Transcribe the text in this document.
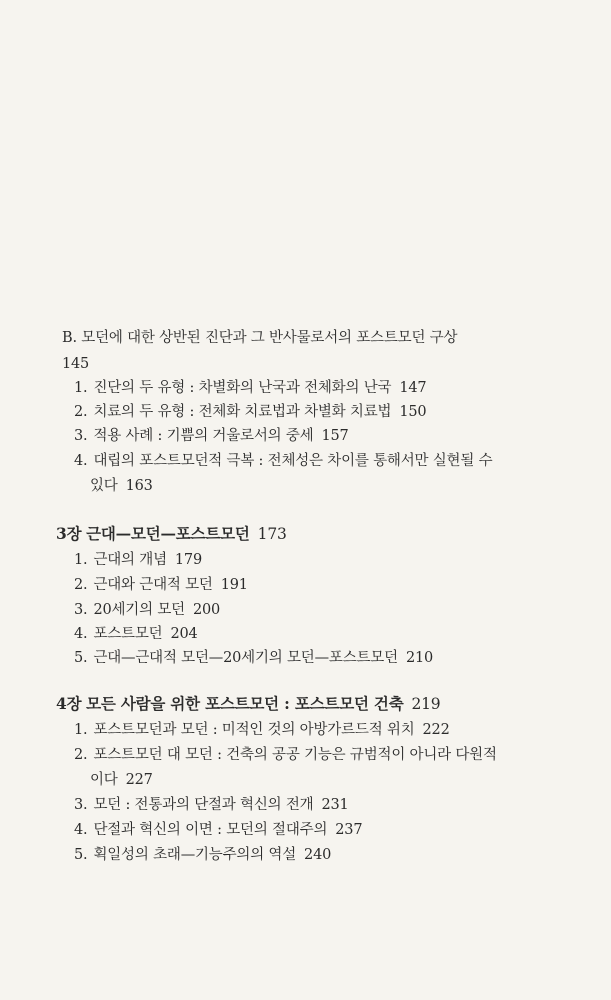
B. 모던에 대한 상반된 진단과 그 반사물로서의 포스트모던 구상
145
1. 진단의 두 유형 : 차별화의 난국과 전체화의 난국 147
2. 치료의 두 유형 : 전체화 치료법과 차별화 치료법 150
3. 적용 사례 : 기쁨의 거울로서의 중세 157
4. 대립의 포스트모던적 극복 : 전체성은 차이를 통해서만 실현될 수
있다 163
3장 근대—모던—포스트모던 173
1. 근대의 개념 179
2. 근대와 근대적 모던 191
3. 20세기의 모던 200
4. 포스트모던 204
5. 근대—근대적 모던—20세기의 모던—포스트모던 210
4장 모든 사람을 위한 포스트모던 : 포스트모던 건축 219
1. 포스트모던과 모던 : 미적인 것의 아방가르드적 위치 222
2. 포스트모던 대 모던 : 건축의 공공 기능은 규범적이 아니라 다원적
이다 227
3. 모던 : 전통과의 단절과 혁신의 전개 231
4. 단절과 혁신의 이면 : 모던의 절대주의 237
5. 획일성의 초래—기능주의의 역설 240
